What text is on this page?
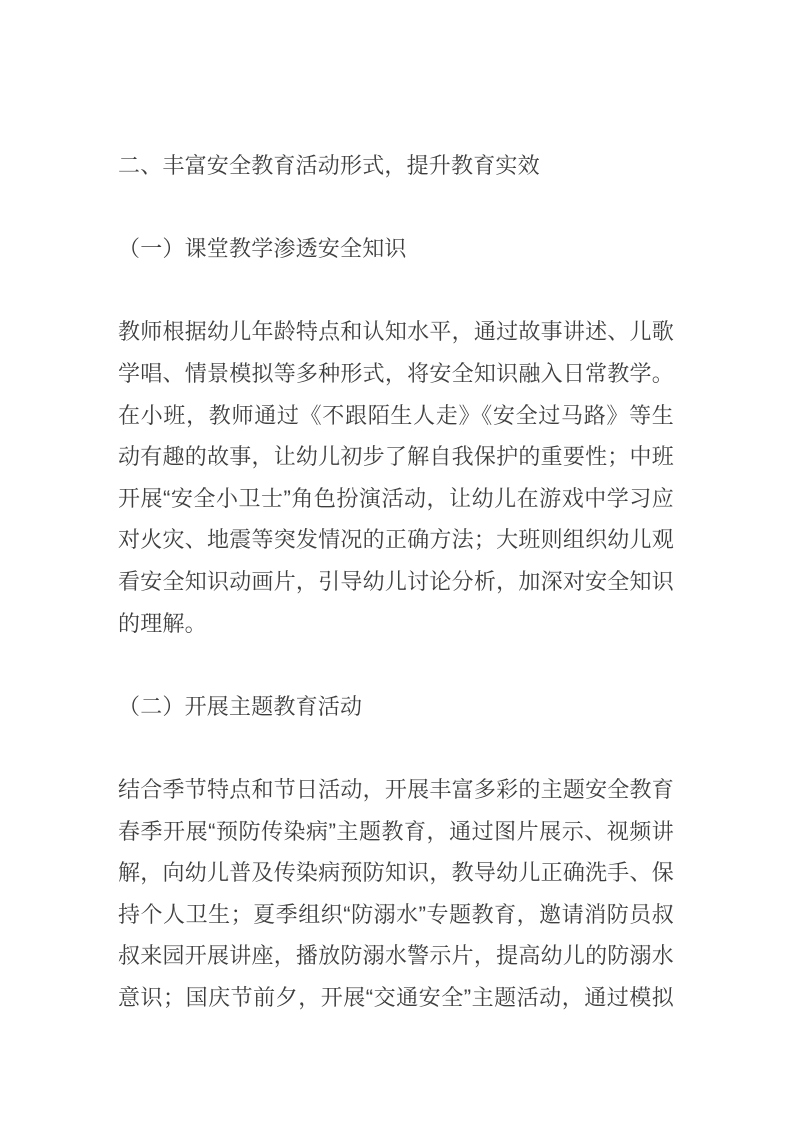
二、丰富安全教育活动形式，提升教育实效
（一）课堂教学渗透安全知识
教师根据幼儿年龄特点和认知水平，通过故事讲述、儿歌
学唱、情景模拟等多种形式，将安全知识融入日常教学。
在小班，教师通过《不跟陌生人走》《安全过马路》等生
动有趣的故事，让幼儿初步了解自我保护的重要性；中班
开展“安全小卫士”角色扮演活动，让幼儿在游戏中学习应
对火灾、地震等突发情况的正确方法；大班则组织幼儿观
看安全知识动画片，引导幼儿讨论分析，加深对安全知识
的理解。
（二）开展主题教育活动
结合季节特点和节日活动，开展丰富多彩的主题安全教育
春季开展“预防传染病”主题教育，通过图片展示、视频讲
解，向幼儿普及传染病预防知识，教导幼儿正确洗手、保
持个人卫生；夏季组织“防溺水”专题教育，邀请消防员叔
叔来园开展讲座，播放防溺水警示片，提高幼儿的防溺水
意识；国庆节前夕，开展“交通安全”主题活动，通过模拟
